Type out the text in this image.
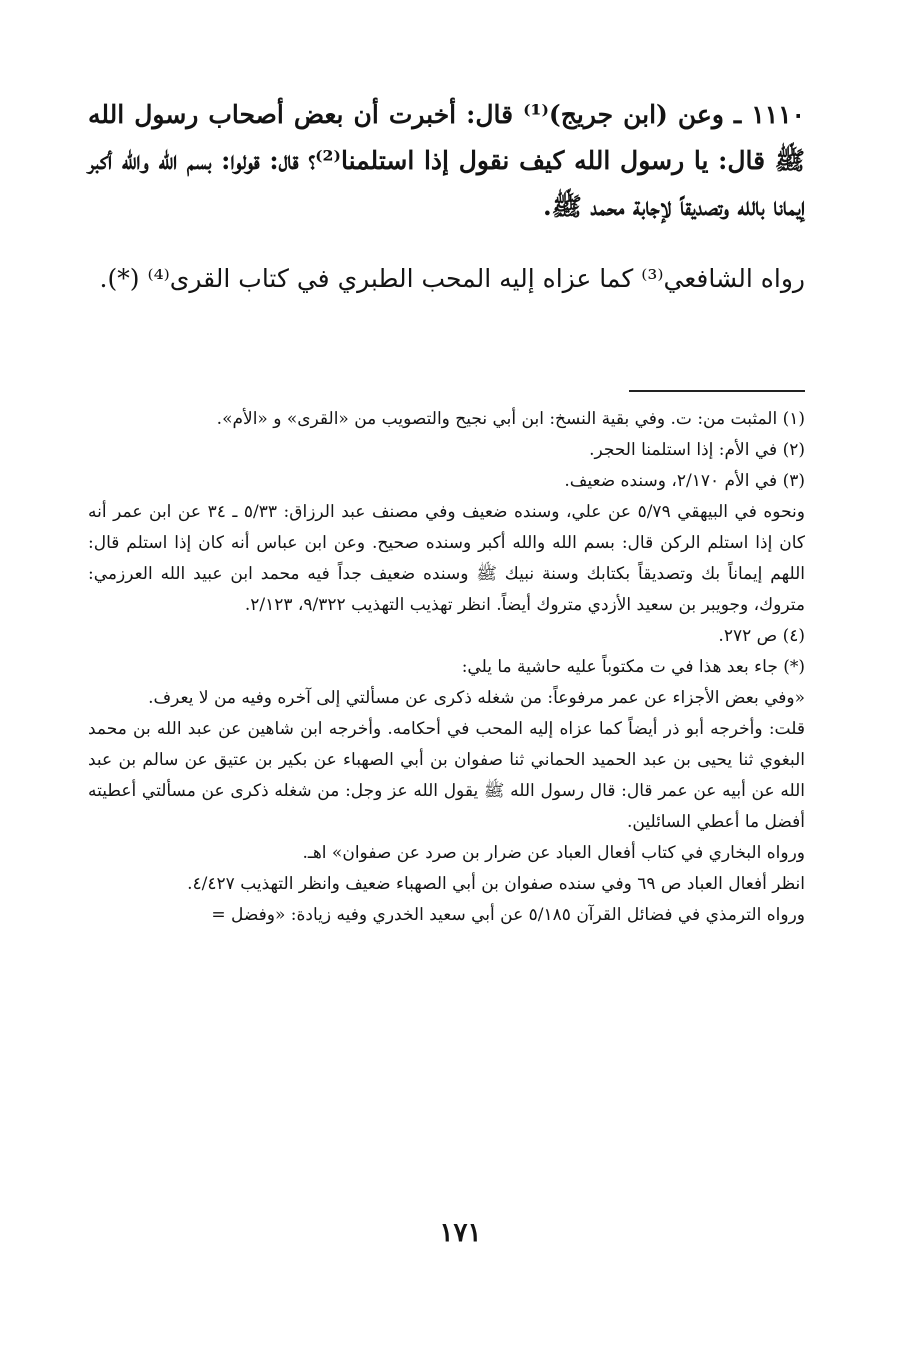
١١١٠ ـ وعن (ابن جريج)⁽¹⁾ قال: أخبرت أن بعض أصحاب رسول الله ﷺ قال: يا رسول الله كيف نقول إذا استلمنا⁽²⁾؟ قال: قولوا: بسم الله والله أكبر إيمانا بالله وتصديقاً لإجابة محمد ﷺ.

رواه الشافعي⁽³⁾ كما عزاه إليه المحب الطبري في كتاب القرى⁽⁴⁾ (*).

(١) المثبت من: ت. وفي بقية النسخ: ابن أبي نجيح والتصويب من «القرى» و «الأم».

(٢) في الأم: إذا استلمنا الحجر.

(٣) في الأم ٢/١٧٠، وسنده ضعيف.

ونحوه في البيهقي ٥/٧٩ عن علي، وسنده ضعيف وفي مصنف عبد الرزاق: ٥/٣٣ ـ ٣٤ عن ابن عمر أنه كان إذا استلم الركن قال: بسم الله والله أكبر وسنده صحيح. وعن ابن عباس أنه كان إذا استلم قال: اللهم إيماناً بك وتصديقاً بكتابك وسنة نبيك ﷺ وسنده ضعيف جداً فيه محمد ابن عبيد الله العرزمي: متروك، وجويبر بن سعيد الأزدي متروك أيضاً. انظر تهذيب التهذيب ٩/٣٢٢، ٢/١٢٣.

(٤) ص ٢٧٢.

(*) جاء بعد هذا في ت مكتوباً عليه حاشية ما يلي:

«وفي بعض الأجزاء عن عمر مرفوعاً: من شغله ذكرى عن مسألتي إلى آخره وفيه من لا يعرف.

قلت: وأخرجه أبو ذر أيضاً كما عزاه إليه المحب في أحكامه. وأخرجه ابن شاهين عن عبد الله بن محمد البغوي ثنا يحيى بن عبد الحميد الحماني ثنا صفوان بن أبي الصهباء عن بكير بن عتيق عن سالم بن عبد الله عن أبيه عن عمر قال: قال رسول الله ﷺ يقول الله عز وجل: من شغله ذكرى عن مسألتي أعطيته أفضل ما أعطي السائلين.

ورواه البخاري في كتاب أفعال العباد عن ضرار بن صرد عن صفوان» اهـ.

انظر أفعال العباد ص ٦٩ وفي سنده صفوان بن أبي الصهباء ضعيف وانظر التهذيب ٤/٤٢٧.

ورواه الترمذي في فضائل القرآن ٥/١٨٥ عن أبي سعيد الخدري وفيه زيادة: «وفضل =

١٧١
